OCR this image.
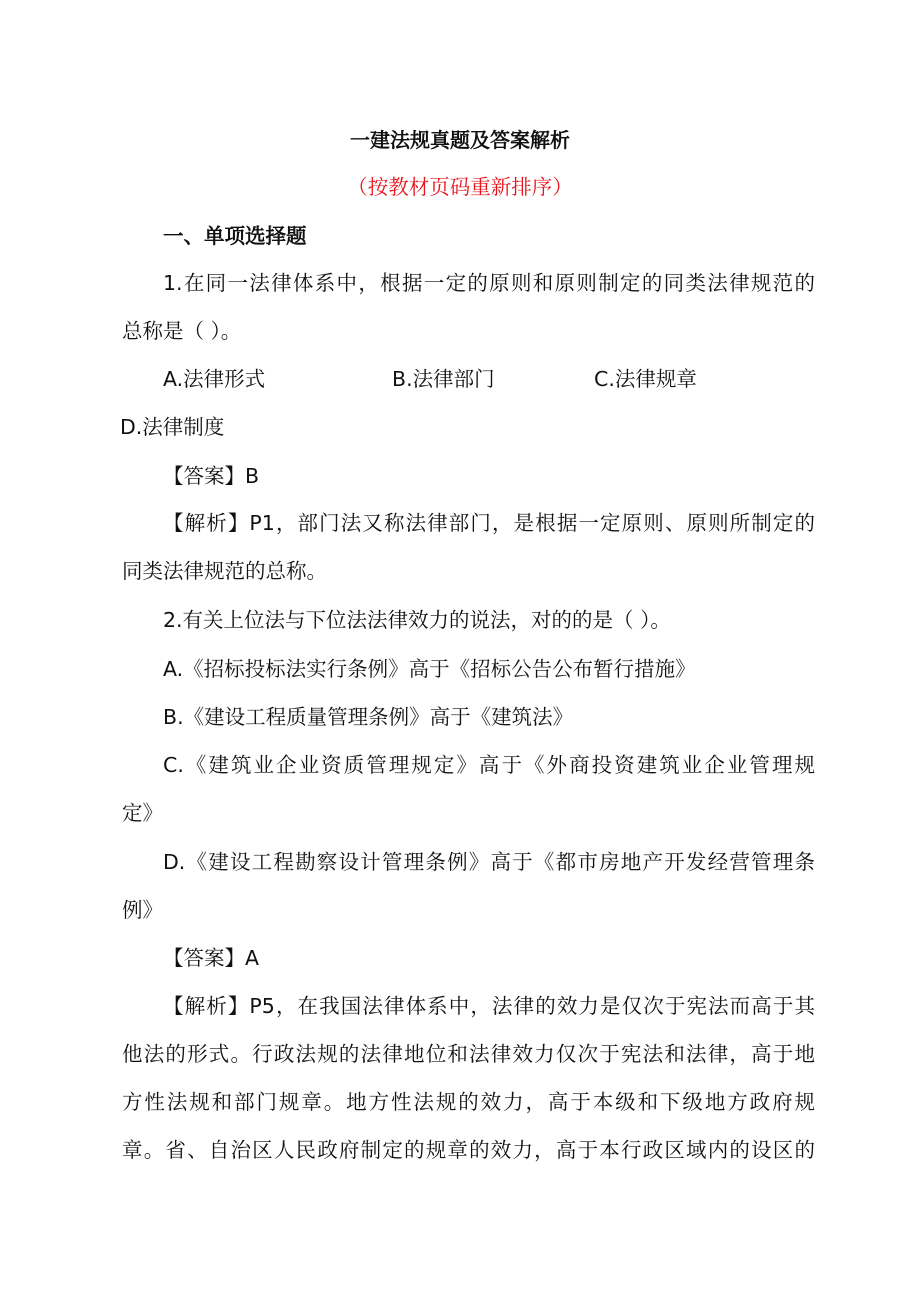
一建法规真题及答案解析
（按教材页码重新排序）
一、单项选择题
1.在同一法律体系中，根据一定的原则和原则制定的同类法律规范的
总称是（ ）。
A.法律形式	B.法律部门	C.法律规章
D.法律制度
【答案】B
【解析】P1，部门法又称法律部门，是根据一定原则、原则所制定的
同类法律规范的总称。
2.有关上位法与下位法法律效力的说法，对的的是（ ）。
A.《招标投标法实行条例》高于《招标公告公布暂行措施》
B.《建设工程质量管理条例》高于《建筑法》
C.《建筑业企业资质管理规定》高于《外商投资建筑业企业管理规
定》
D.《建设工程勘察设计管理条例》高于《都市房地产开发经营管理条
例》
【答案】A
【解析】P5，在我国法律体系中，法律的效力是仅次于宪法而高于其
他法的形式。行政法规的法律地位和法律效力仅次于宪法和法律，高于地
方性法规和部门规章。地方性法规的效力，高于本级和下级地方政府规
章。省、自治区人民政府制定的规章的效力，高于本行政区域内的设区的
